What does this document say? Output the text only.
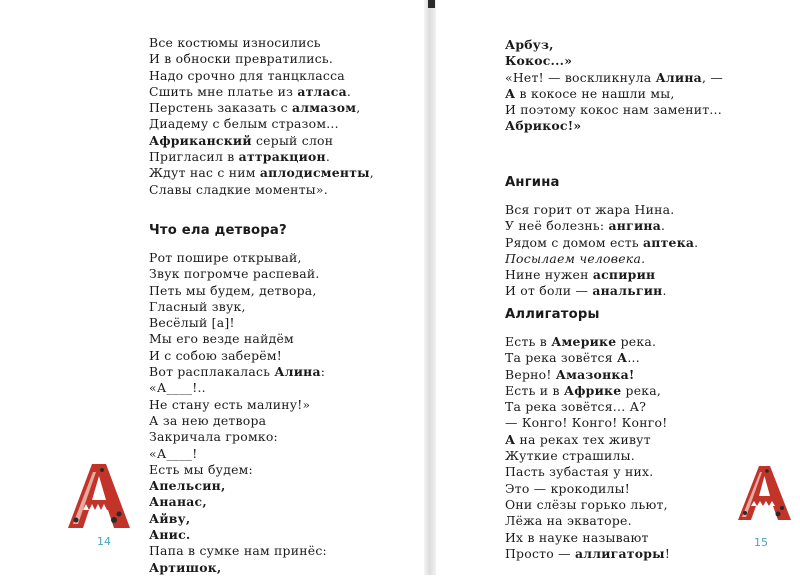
Все костюмы износились
И в обноски превратились.
Надо срочно для танцкласса
Сшить мне платье из атласа.
Перстень заказать с алмазом,
Диадему с белым стразом...
Африканский серый слон
Пригласил в аттракцион.
Ждут нас с ним аплодисменты,
Славы сладкие моменты».
Что ела детвора?
Рот пошире открывай,
Звук погромче распевай.
Петь мы будем, детвора,
Гласный звук,
Весёлый [а]!
Мы его везде найдём
И с собою заберём!
Вот расплакалась Алина:
«А____!..
Не стану есть малину!»
А за нею детвора
Закричала громко:
«А____!
Есть мы будем:
Апельсин,
Ананас,
Айву,
Анис.
Папа в сумке нам принёс:
Артишок,
14
Арбуз,
Кокос...»
«Нет! — воскликнула Алина, —
А в кокосе не нашли мы,
И поэтому кокос нам заменит...
Абрикос!»
Ангина
Вся горит от жара Нина.
У неё болезнь: ангина.
Рядом с домом есть аптека.
Посылаем человека.
Нине нужен аспирин
И от боли — анальгин.
Аллигаторы
Есть в Америке река.
Та река зовётся А...
Верно! Амазонка!
Есть и в Африке река,
Та река зовётся... А?
— Конго! Конго! Конго!
А на реках тех живут
Жуткие страшилы.
Пасть зубастая у них.
Это — крокодилы!
Они слёзы горько льют,
Лёжа на экваторе.
Их в науке называют
Просто — аллигаторы!
15
